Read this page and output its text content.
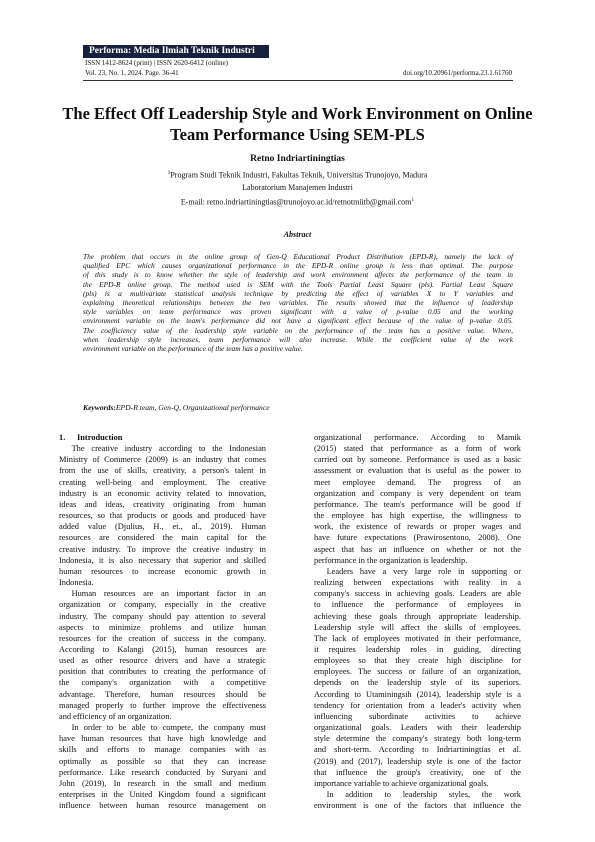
Performa: Media Ilmiah Teknik Industri
ISSN 1412-8624 (print) | ISSN 2620-6412 (online)
Vol. 23, No. 1, 2024. Page. 36-41	doi.org/10.20961/performa.23.1.61760
The Effect Off Leadership Style and Work Environment on Online
Team Performance Using SEM-PLS
Retno Indriartiningtias
$^1$Program Studi Teknik Industri, Fakultas Teknik, Universitas Trunojoyo, Madura
Laboratorium Manajemen Industri
E-mail: retno.indriartiningtias@trunojoyo.ac.id/retnotmiitb@gmail.com$^1$
Abstract
The problem that occurs in the online group of Gen-Q Educational Product Distribution (EPD-R), namely the lack of
qualified EPC which causes organizational performance in the EPD-R online group is less than optimal. The purpose
of this study is to know whether the style of leadership and work environment affects the performance of the team in
the EPD-R online group. The method used is SEM with the Tools Partial Least Square (pls). Partial Least Square
(pls) is a multivariate statistical analysis technique by predicting the effect of variables X to Y variables and
explaining theoretical relationships between the two variables. The results showed that the influence of leadership
style variables on team performance was proven significant with a value of p-value 0.05 and the working
environment variable on the team's performance did not have a significant effect because of the value of p-value 0.05.
The coefficiency value of the leadership style variable on the performance of the team has a positive value. Where,
when leadership style increases, team performance will also increase. While the coefficient value of the work
environment variable on the performance of the team has a positive value.
Keywords:EPD-R team, Gen-Q, Organizational performance
1. Introduction
  The creative industry according to the Indonesian
Ministry of Commerce (2009) is an industry that comes
from the use of skills, creativity, a person's talent in
creating well-being and employment. The creative
industry is an economic activity related to innovation,
ideas and ideas, creativity originating from human
resources, so that products or goods and produced have
added value (Djulius, H., et., al., 2019). Human
resources are considered the main capital for the
creative industry. To improve the creative industry in
Indonesia, it is also necessary that superior and skilled
human resources to increase economic growth in
Indonesia.
  Human resources are an important factor in an
organization or company, especially in the creative
industry. The company should pay attention to several
aspects to minimize problems and utilize human
resources for the creation of success in the company.
According to Kalangi (2015), human resources are
used as other resource drivers and have a strategic
position that contributes to creating the performance of
the company's organization with a competitive
advantage. Therefore, human resources should be
managed properly to further improve the effectiveness
and efficiency of an organization.
  In order to be able to compete, the company must
have human resources that have high knowledge and
skills and efforts to manage companies with as
optimally as possible so that they can increase
performance. Like research conducted by Suryani and
John (2019), In research in the small and medium
enterprises in the United Kingdom found a significant
influence between human resource management on
organizational performance. According to Mamik
(2015) stated that performance as a form of work
carried out by someone. Performance is used as a basic
assessment or evaluation that is useful as the power to
meet employee demand. The progress of an
organization and company is very dependent on team
performance. The team's performance will be good if
the employee has high expertise, the willingness to
work, the existence of rewards or proper wages and
have future expectations (Prawirosentono, 2008). One
aspect that has an influence on whether or not the
performance in the organization is leadership.
  Leaders have a very large role in supporting or
realizing between expectations with reality in a
company's success in achieving goals. Leaders are able
to influence the performance of employees in
achieving these goals through appropriate leadership.
Leadership style will affect the skills of employees.
The lack of employees motivated in their performance,
it requires leadership roles in guiding, directing
employees so that they create high discipline for
employees. The success or failure of an organization,
depends on the leadership style of its superiors.
According to Utaminingsih (2014), leadership style is a
tendency for orientation from a leader's activity when
influencing subordinate activities to achieve
organizational goals. Leaders with their leadership
style determine the company's strategy both long-term
and short-term. According to Indriartiningtias et al.
(2019) and (2017), leadership style is one of the factor
that influence the group's creativity, one of the
importance variable to achieve organizational goals.
  In addition to leadership styles, the work
environment is one of the factors that influence the
